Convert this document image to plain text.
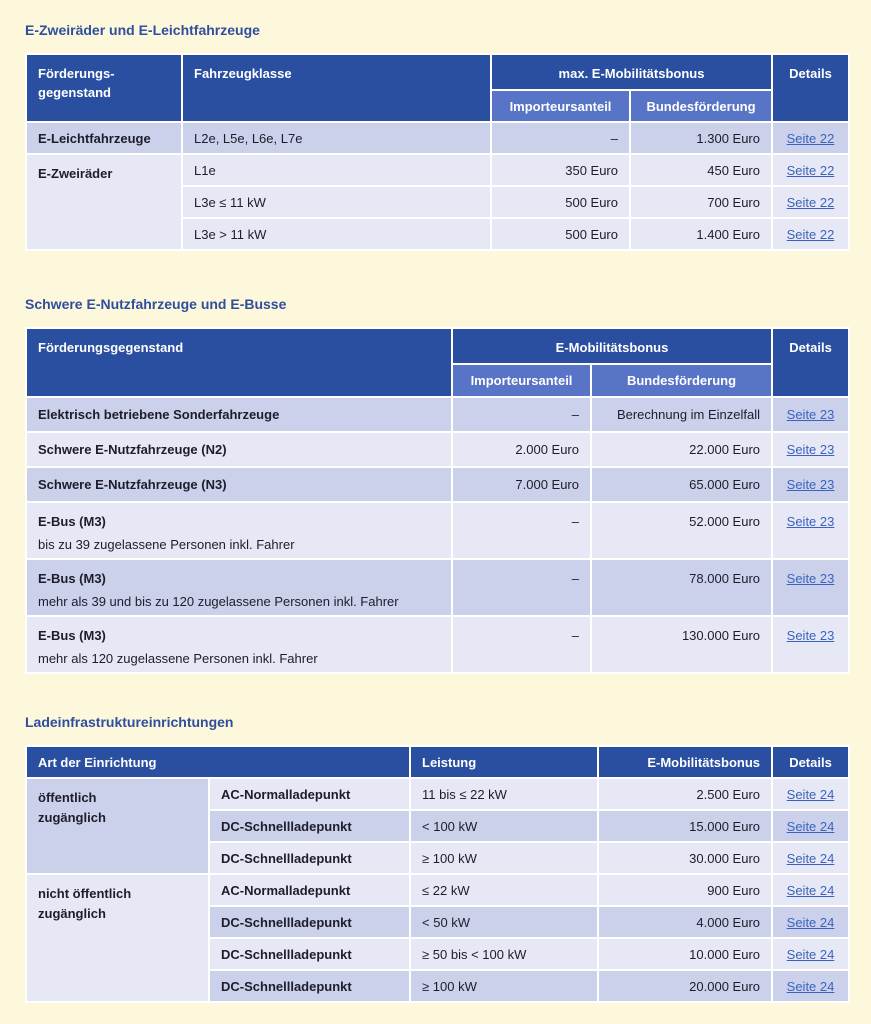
E-Zweiräder und E-Leichtfahrzeuge
Förderungs-
gegenstand	Fahrzeugklasse	max. E-Mobilitätsbonus		Details
		Importeursanteil	Bundesförderung	
E-Leichtfahrzeuge	L2e, L5e, L6e, L7e	–	1.300 Euro	Seite 22
E-Zweiräder	L1e	350 Euro	450 Euro	Seite 22
	L3e ≤ 11 kW	500 Euro	700 Euro	Seite 22
	L3e > 11 kW	500 Euro	1.400 Euro	Seite 22
Schwere E-Nutzfahrzeuge und E-Busse
Förderungsgegenstand	E-Mobilitätsbonus		Details
	Importeursanteil	Bundesförderung	
Elektrisch betriebene Sonderfahrzeuge	–	Berechnung im Einzelfall	Seite 23
Schwere E-Nutzfahrzeuge (N2)	2.000 Euro	22.000 Euro	Seite 23
Schwere E-Nutzfahrzeuge (N3)	7.000 Euro	65.000 Euro	Seite 23
E-Bus (M3)
bis zu 39 zugelassene Personen inkl. Fahrer	–	52.000 Euro	Seite 23
E-Bus (M3)
mehr als 39 und bis zu 120 zugelassene Personen inkl. Fahrer	–	78.000 Euro	Seite 23
E-Bus (M3)
mehr als 120 zugelassene Personen inkl. Fahrer	–	130.000 Euro	Seite 23
Ladeinfrastruktureinrichtungen
Art der Einrichtung		Leistung	E-Mobilitätsbonus	Details
öffentlich
zugänglich	AC-Normalladepunkt	11 bis ≤ 22 kW	2.500 Euro	Seite 24
	DC-Schnellladepunkt	< 100 kW	15.000 Euro	Seite 24
	DC-Schnellladepunkt	≥ 100 kW	30.000 Euro	Seite 24
nicht öffentlich
zugänglich	AC-Normalladepunkt	≤ 22 kW	900 Euro	Seite 24
	DC-Schnellladepunkt	< 50 kW	4.000 Euro	Seite 24
	DC-Schnellladepunkt	≥ 50 bis < 100 kW	10.000 Euro	Seite 24
	DC-Schnellladepunkt	≥ 100 kW	20.000 Euro	Seite 24
